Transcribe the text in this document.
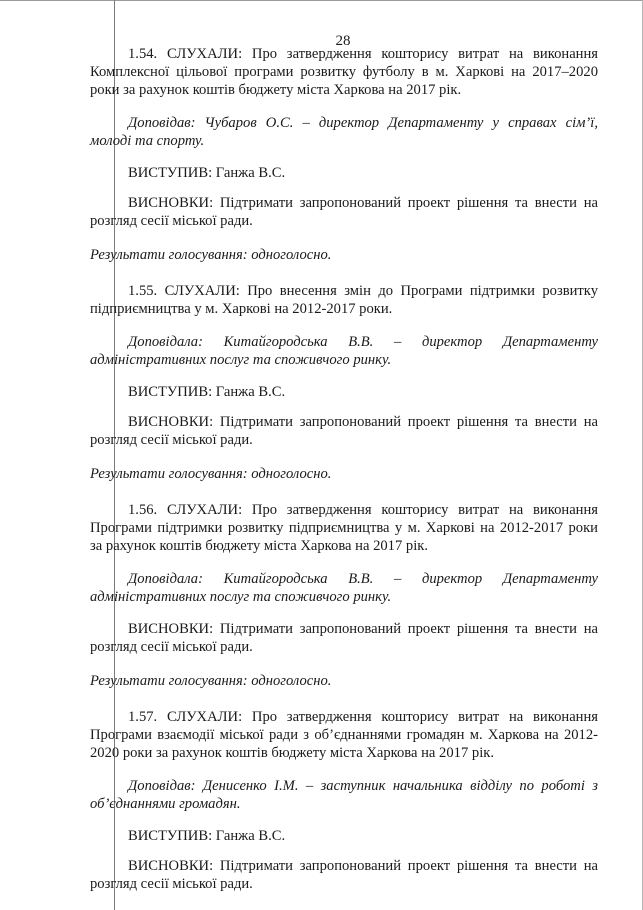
28

1.54. СЛУХАЛИ: Про затвердження кошторису витрат на виконання Комплексної цільової програми розвитку футболу в м. Харкові на 2017–2020 роки за рахунок коштів бюджету міста Харкова на 2017 рік.

Доповідав: Чубаров О.С. – директор Департаменту у справах сім’ї, молоді та спорту.

ВИСТУПИВ: Ганжа В.С.

ВИСНОВКИ: Підтримати запропонований проект рішення та внести на розгляд сесії міської ради.

Результати голосування: одноголосно.

1.55. СЛУХАЛИ: Про внесення змін до Програми підтримки розвитку підприємництва у м. Харкові на 2012-2017 роки.

Доповідала: Китайгородська В.В. – директор Департаменту адміністративних послуг та споживчого ринку.

ВИСТУПИВ: Ганжа В.С.

ВИСНОВКИ: Підтримати запропонований проект рішення та внести на розгляд сесії міської ради.

Результати голосування: одноголосно.

1.56. СЛУХАЛИ: Про затвердження кошторису витрат на виконання Програми підтримки розвитку підприємництва у м. Харкові на 2012-2017 роки за рахунок коштів бюджету міста Харкова на 2017 рік.

Доповідала: Китайгородська В.В. – директор Департаменту адміністративних послуг та споживчого ринку.

ВИСНОВКИ: Підтримати запропонований проект рішення та внести на розгляд сесії міської ради.

Результати голосування: одноголосно.

1.57. СЛУХАЛИ: Про затвердження кошторису витрат на виконання Програми взаємодії міської ради з об’єднаннями громадян м. Харкова на 2012-2020 роки за рахунок коштів бюджету міста Харкова на 2017 рік.

Доповідав: Денисенко І.М. – заступник начальника відділу по роботі з об’єднаннями громадян.

ВИСТУПИВ: Ганжа В.С.

ВИСНОВКИ: Підтримати запропонований проект рішення та внести на розгляд сесії міської ради.
